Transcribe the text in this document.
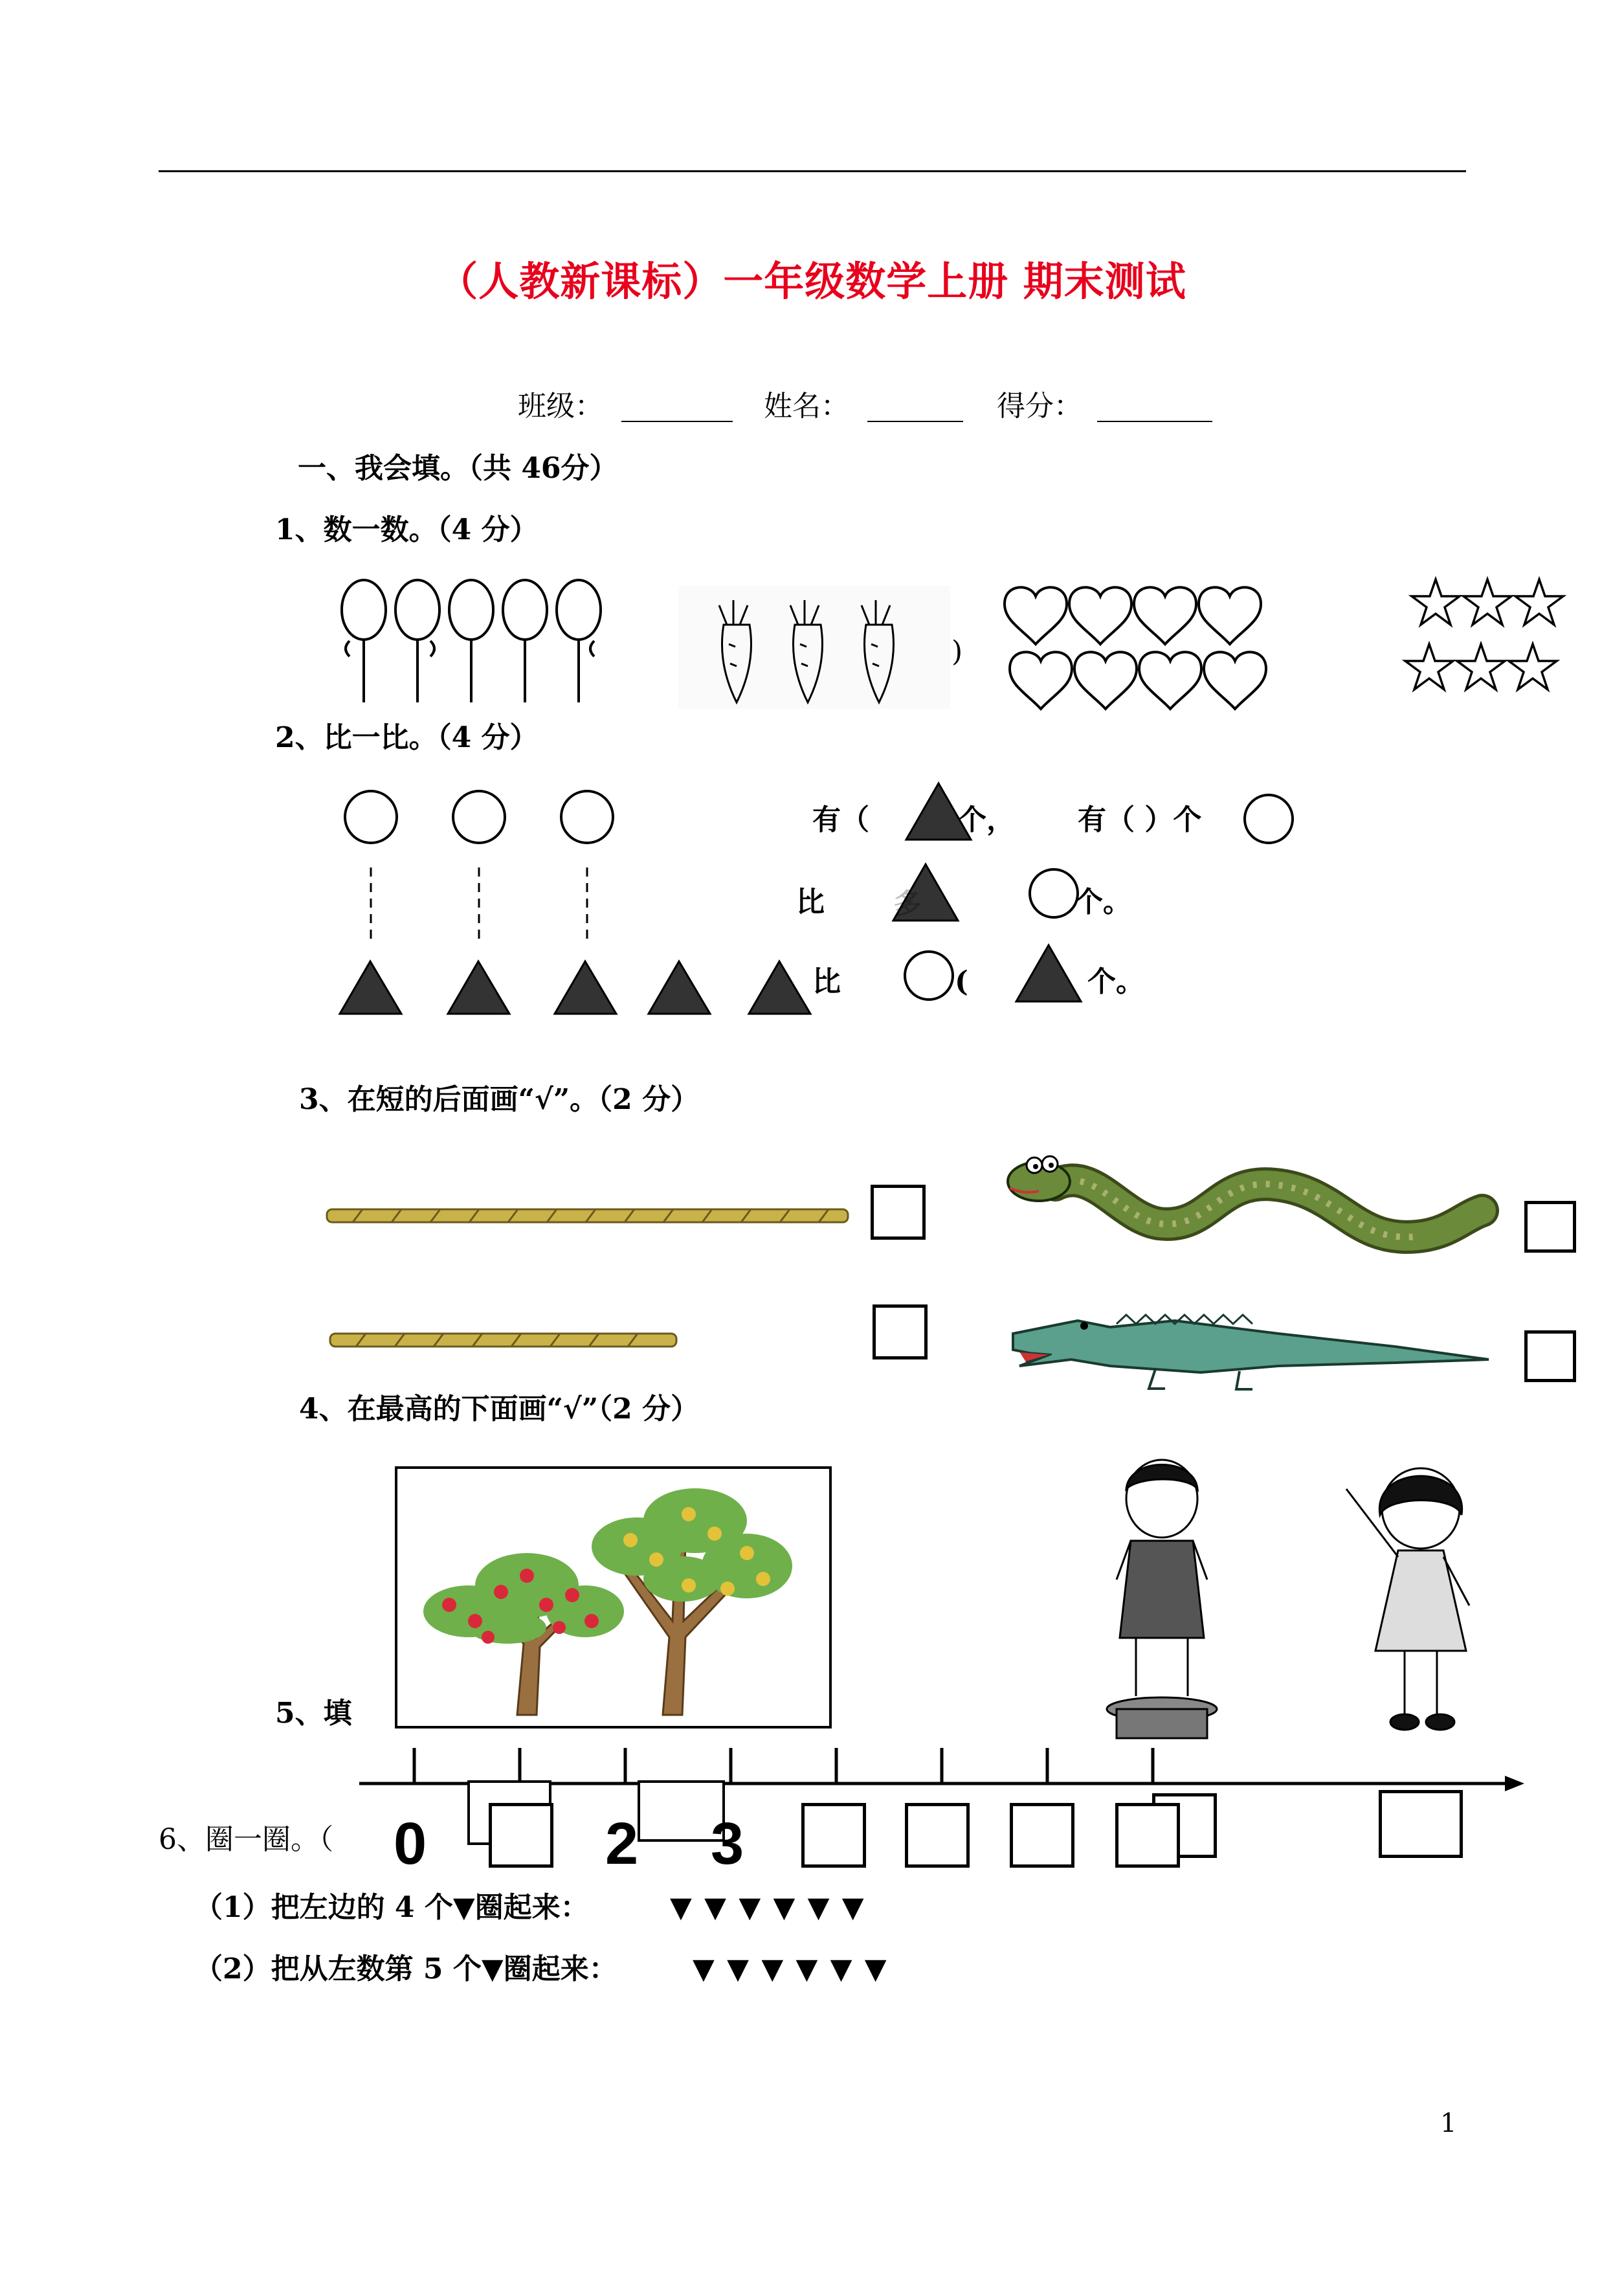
（人教新课标）一年级数学上册 期末测试
班级：	姓名：	得分：
一、我会填。（共 46分）
1、数一数。（4 分）
)
2、比一比。（4 分）
有（	个， 有（ ）个
比 多	个。
比	(	个。
3、在短的后面画“√”。（2 分）
4、在最高的下面画“√”（2 分）
5、填
0	2 3
6、圈一圈。（
（1）把左边的 4 个▼圈起来：	▼ ▼ ▼ ▼ ▼ ▼
（2）把从左数第 5 个▼圈起来：	▼ ▼ ▼ ▼ ▼ ▼
1
